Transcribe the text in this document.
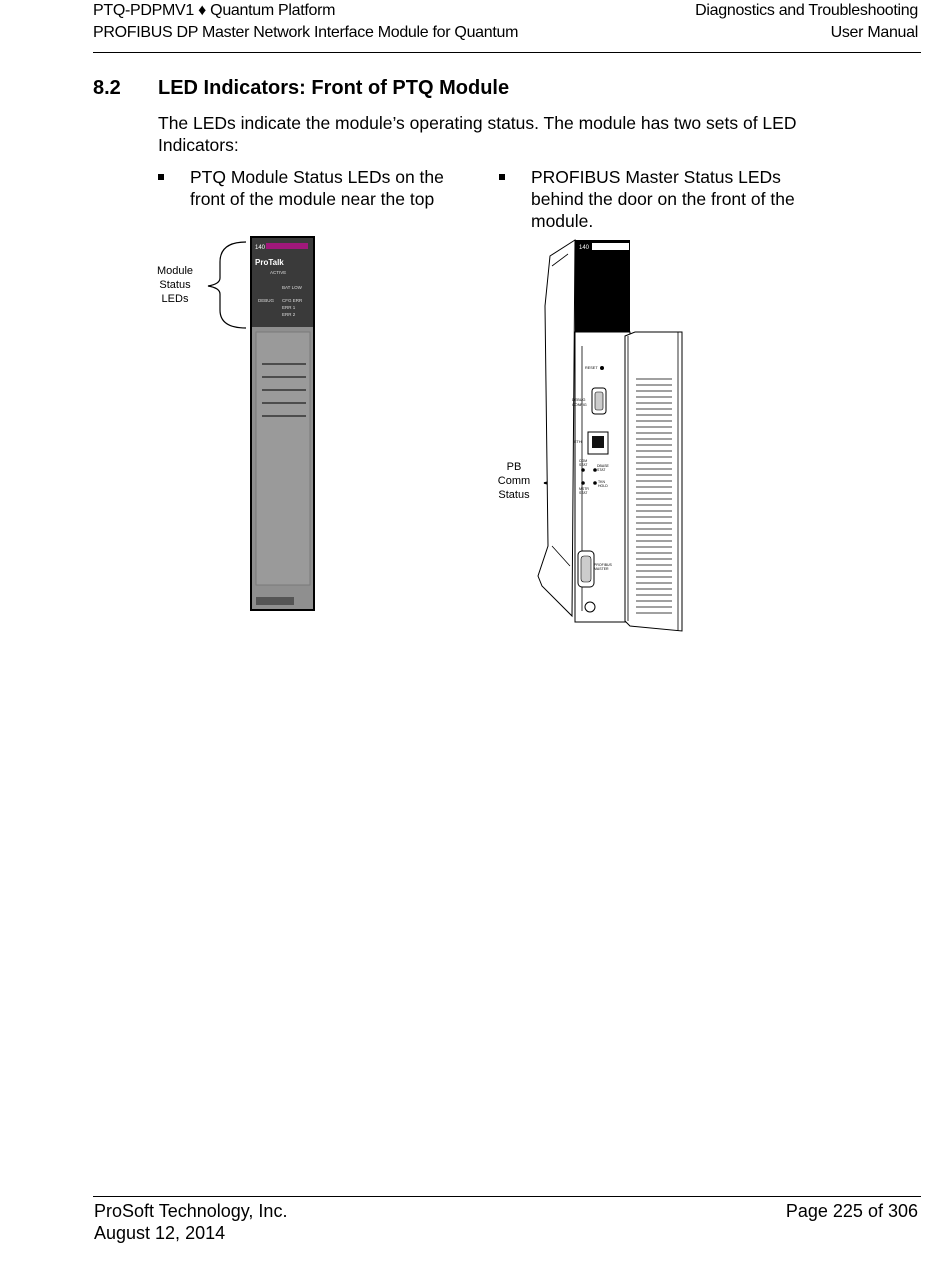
PTQ-PDPMV1 ♦ Quantum Platform
PROFIBUS DP Master Network Interface Module for Quantum
Diagnostics and Troubleshooting
User Manual
8.2 LED Indicators: Front of PTQ Module
The LEDs indicate the module’s operating status. The module has two sets of LED Indicators:
PTQ Module Status LEDs on the front of the module near the top
PROFIBUS Master Status LEDs behind the door on the front of the module.
Module
Status
LEDs
140
ProTalk
ACTIVE
BAT LOW
DEBUG CFG ERR
ERR 1
ERR 2
PB
Comm
Status
140
RESET
DEBUG
CONFIG
ETH
COM
STAT	DBASE
STAT
MSTR
STAT
TKN
HOLD
PROFIBUS
MASTER
ProSoft Technology, Inc.
August 12, 2014
Page 225 of 306
